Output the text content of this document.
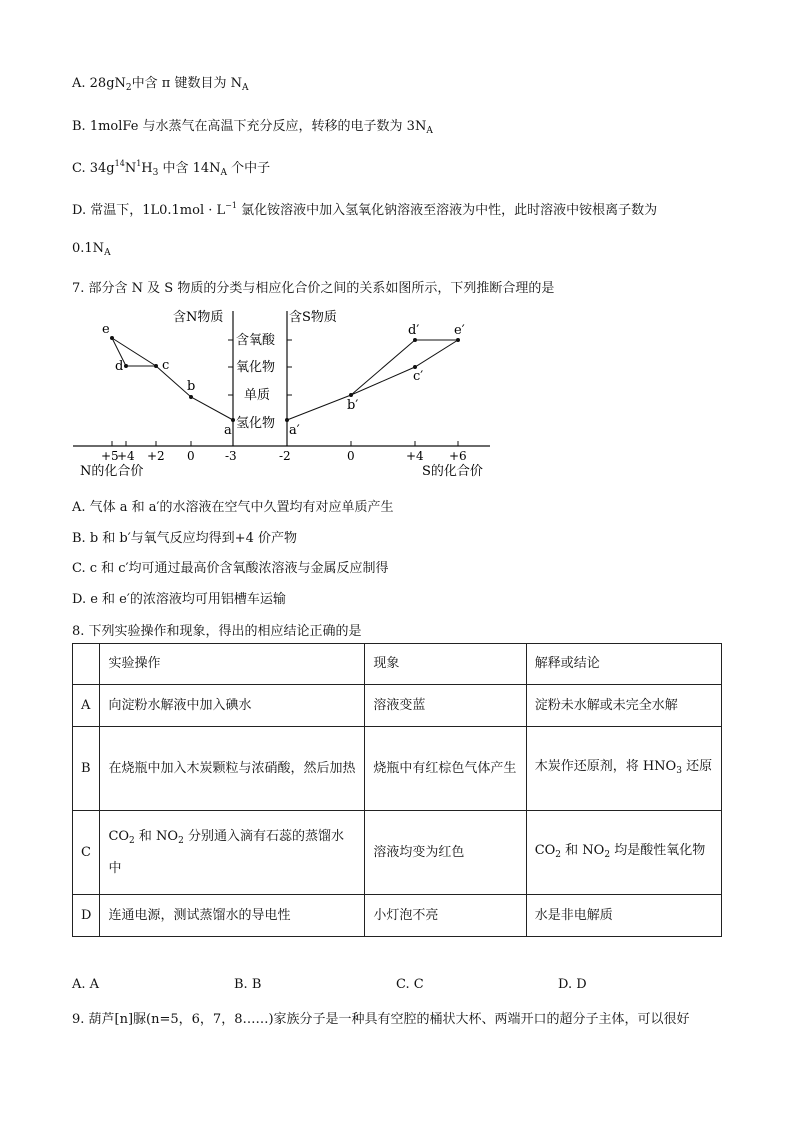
A. $28gN_2$中含 π 键数目为 $N_A$
B. 1molFe 与水蒸气在高温下充分反应，转移的电子数为 $3N_A$
C. $34g^{14}N^1H_3$ 中含 $14N_A$ 个中子
D. 常温下，$1L0.1mol \cdot L^{-1}$ 氯化铵溶液中加入氢氧化钠溶液至溶液为中性，此时溶液中铵根离子数为
$0.1N_A$
7. 部分含 N 及 S 物质的分类与相应化合价之间的关系如图所示，下列推断合理的是
含N物质	含S物质
含氧酸
氧化物
单质
氢化物
+5
+4 +2 0	-3	-2	0	+4 +6
N的化合价	S的化合价
e
d	c
b
a	a′
b′
c′
d′	e′
A. 气体 a 和 a′的水溶液在空气中久置均有对应单质产生
B. b 和 b′与氧气反应均得到+4 价产物
C. c 和 c′均可通过最高价含氧酸浓溶液与金属反应制得
D. e 和 e′的浓溶液均可用铝槽车运输
8. 下列实验操作和现象，得出的相应结论正确的是
	实验操作	现象	解释或结论
A	向淀粉水解液中加入碘水	溶液变蓝	淀粉未水解或未完全水解
B	在烧瓶中加入木炭颗粒与浓硝酸，然后加热	烧瓶中有红棕色气体产生	木炭作还原剂，将 $HNO_3$ 还原
C	$CO_2$ 和 $NO_2$ 分别通入滴有石蕊的蒸馏水中	溶液均变为红色	$CO_2$ 和 $NO_2$ 均是酸性氧化物
D	连通电源，测试蒸馏水的导电性	小灯泡不亮	水是非电解质
A. A	B. B	C. C	D. D
9. 葫芦[n]脲(n=5，6，7，8……)家族分子是一种具有空腔的桶状大杯、两端开口的超分子主体，可以很好
